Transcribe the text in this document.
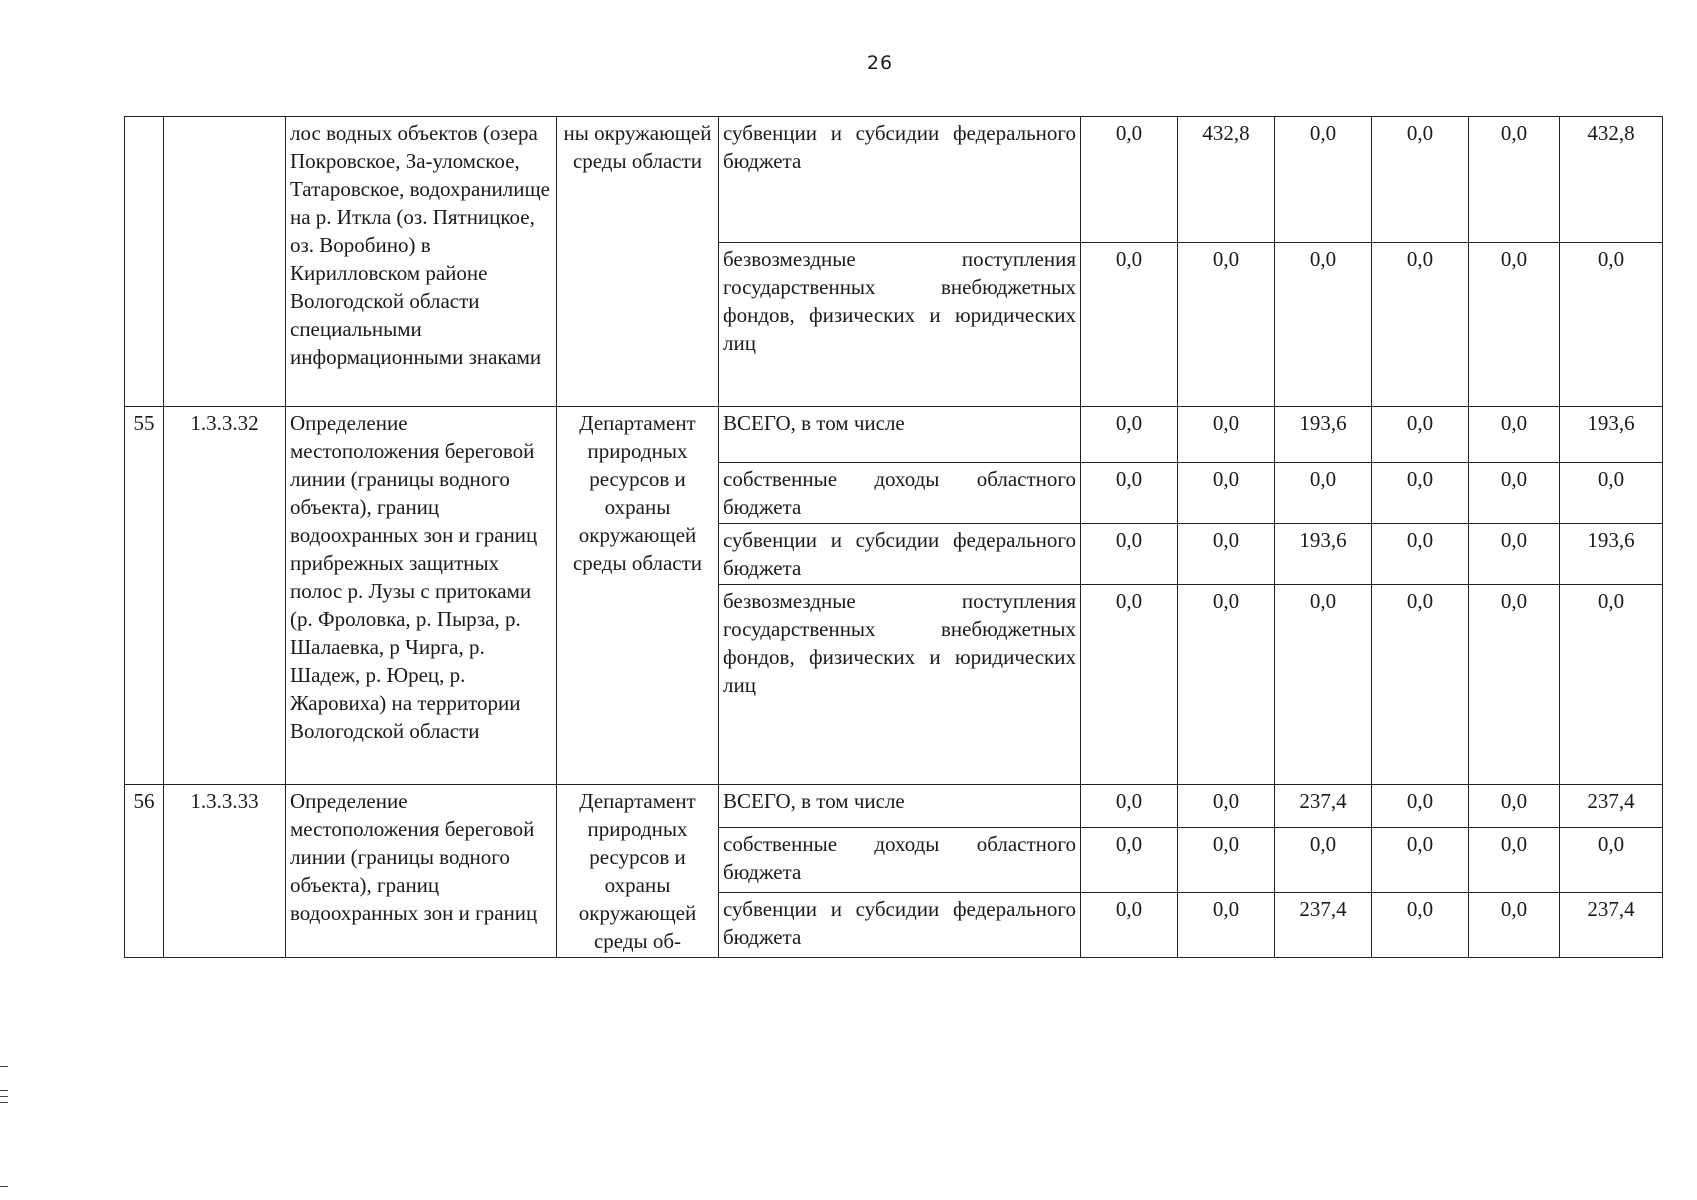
26
		лос водных объектов (озера Покровское, За-уломское, Татаровское, водохранилище на р. Иткла (оз. Пятницкое, оз. Воробино) в Кирилловском районе Вологодской области специальными информационными знаками	ны окружающей среды области	субвенции и субсидии федерального бюджета	0,0	432,8	0,0	0,0	0,0	432,8
				безвозмездные поступления государственных внебюджетных фондов, физических и юридических лиц	0,0	0,0	0,0	0,0	0,0	0,0
55	1.3.3.32	Определение местоположения береговой линии (границы водного объекта), границ водоохранных зон и границ прибрежных защитных полос р. Лузы с притоками (р. Фроловка, р. Пырза, р. Шалаевка, р Чирга, р. Шадеж, р. Юрец, р. Жаровиха) на территории Вологодской области	Департамент природных ресурсов и охраны окружающей среды области	ВСЕГО, в том числе	0,0	0,0	193,6	0,0	0,0	193,6
				собственные доходы областного бюджета	0,0	0,0	0,0	0,0	0,0	0,0
				субвенции и субсидии федерального бюджета	0,0	0,0	193,6	0,0	0,0	193,6
				безвозмездные поступления государственных внебюджетных фондов, физических и юридических лиц	0,0	0,0	0,0	0,0	0,0	0,0
56	1.3.3.33	Определение местоположения береговой линии (границы водного объекта), границ водоохранных зон и границ	Департамент природных ресурсов и охраны окружающей среды об-	ВСЕГО, в том числе	0,0	0,0	237,4	0,0	0,0	237,4
				собственные доходы областного бюджета	0,0	0,0	0,0	0,0	0,0	0,0
				субвенции и субсидии федерального бюджета	0,0	0,0	237,4	0,0	0,0	237,4
